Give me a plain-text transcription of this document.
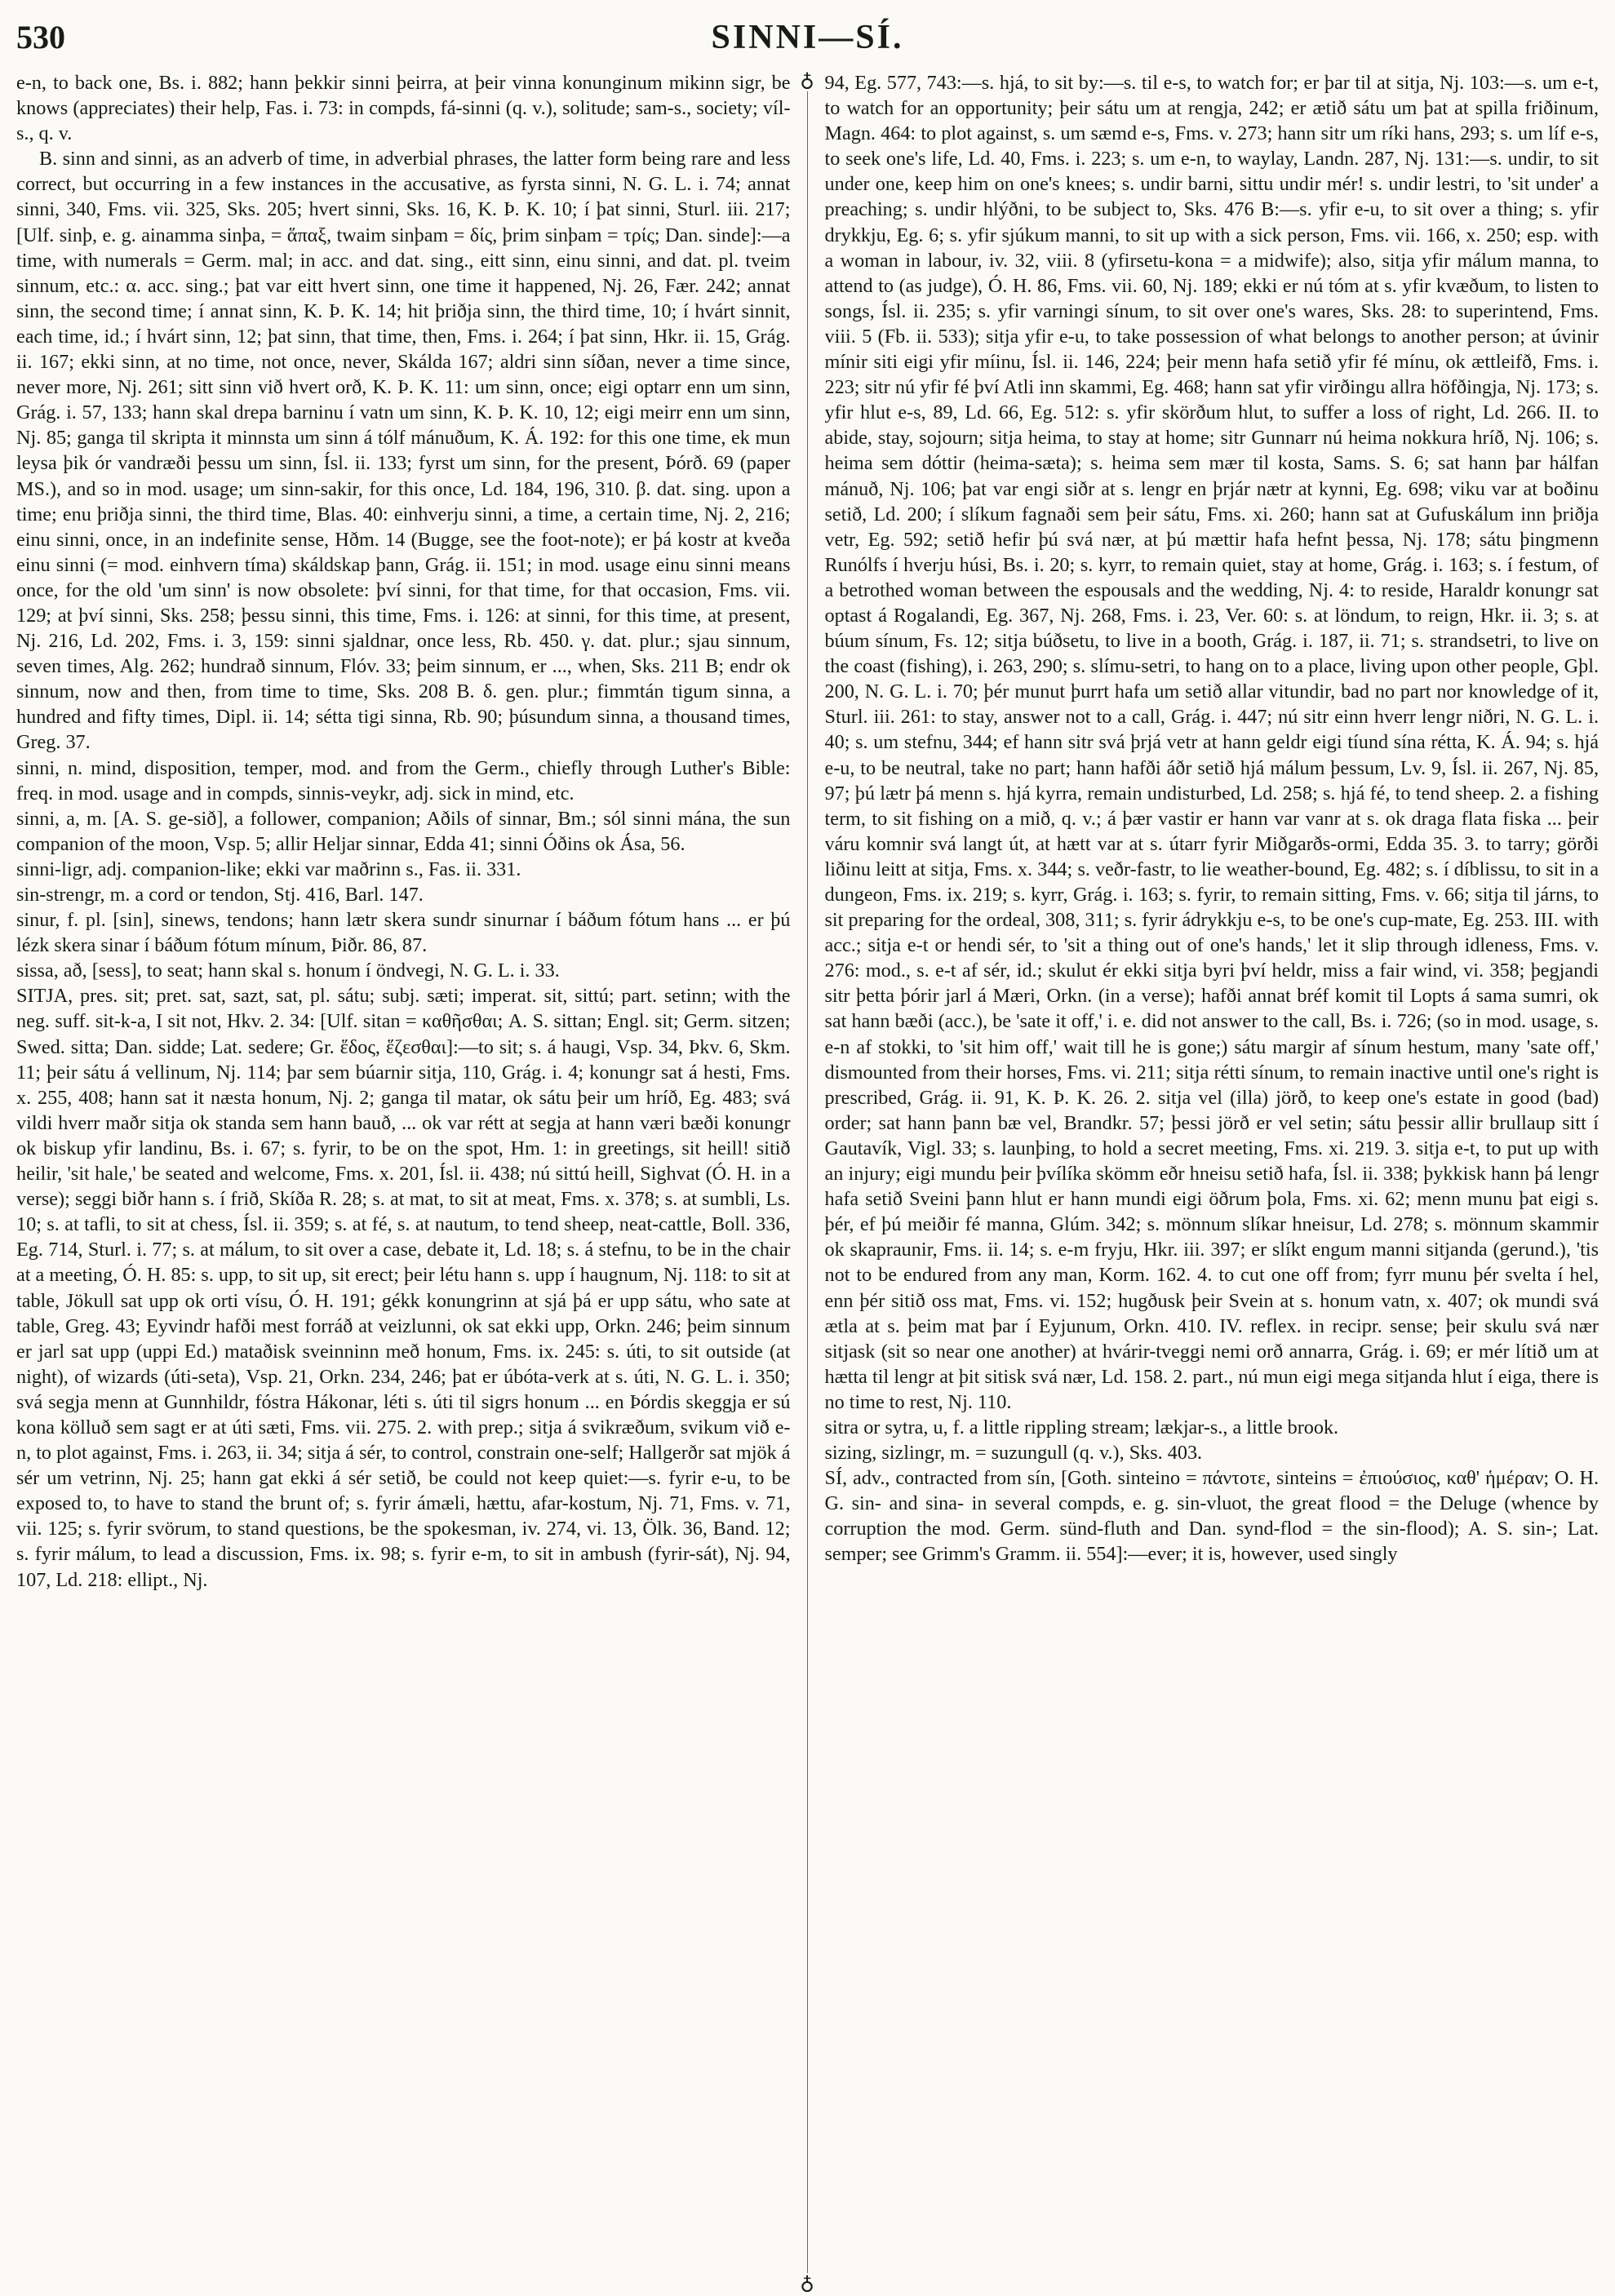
530	SINNI—SÍ.
♁
♁

e-n, to back one, Bs. i. 882; hann þekkir sinni þeirra, at þeir vinna konunginum mikinn sigr, be knows (appreciates) their help, Fas. i. 73: in compds, fá-sinni (q. v.), solitude; sam-s., society; víl-s., q. v.

B. sinn and sinni, as an adverb of time, in adverbial phrases, the latter form being rare and less correct, but occurring in a few instances in the accusative, as fyrsta sinni, N. G. L. i. 74; annat sinni, 340, Fms. vii. 325, Sks. 205; hvert sinni, Sks. 16, K. Þ. K. 10; í þat sinni, Sturl. iii. 217; [Ulf. sinþ, e. g. ainamma sinþa, = ἅπαξ, twaim sinþam = δίς, þrim sinþam = τρίς; Dan. sinde]:—a time, with numerals = Germ. mal; in acc. and dat. sing., eitt sinn, einu sinni, and dat. pl. tveim sinnum, etc.: α. acc. sing.; þat var eitt hvert sinn, one time it happened, Nj. 26, Fær. 242; annat sinn, the second time; í annat sinn, K. Þ. K. 14; hit þriðja sinn, the third time, 10; í hvárt sinnit, each time, id.; í hvárt sinn, 12; þat sinn, that time, then, Fms. i. 264; í þat sinn, Hkr. ii. 15, Grág. ii. 167; ekki sinn, at no time, not once, never, Skálda 167; aldri sinn síðan, never a time since, never more, Nj. 261; sitt sinn við hvert orð, K. Þ. K. 11: um sinn, once; eigi optarr enn um sinn, Grág. i. 57, 133; hann skal drepa barninu í vatn um sinn, K. Þ. K. 10, 12; eigi meirr enn um sinn, Nj. 85; ganga til skripta it minnsta um sinn á tólf mánuðum, K. Á. 192: for this one time, ek mun leysa þik ór vandræði þessu um sinn, Ísl. ii. 133; fyrst um sinn, for the present, Þórð. 69 (paper MS.), and so in mod. usage; um sinn-sakir, for this once, Ld. 184, 196, 310. β. dat. sing. upon a time; enu þriðja sinni, the third time, Blas. 40: einhverju sinni, a time, a certain time, Nj. 2, 216; einu sinni, once, in an indefinite sense, Hðm. 14 (Bugge, see the foot-note); er þá kostr at kveða einu sinni (= mod. einhvern tíma) skáldskap þann, Grág. ii. 151; in mod. usage einu sinni means once, for the old 'um sinn' is now obsolete: því sinni, for that time, for that occasion, Fms. vii. 129; at því sinni, Sks. 258; þessu sinni, this time, Fms. i. 126: at sinni, for this time, at present, Nj. 216, Ld. 202, Fms. i. 3, 159: sinni sjaldnar, once less, Rb. 450. γ. dat. plur.; sjau sinnum, seven times, Alg. 262; hundrað sinnum, Flóv. 33; þeim sinnum, er ..., when, Sks. 211 B; endr ok sinnum, now and then, from time to time, Sks. 208 B. δ. gen. plur.; fimmtán tigum sinna, a hundred and fifty times, Dipl. ii. 14; sétta tigi sinna, Rb. 90; þúsundum sinna, a thousand times, Greg. 37.

sinni, n. mind, disposition, temper, mod. and from the Germ., chiefly through Luther's Bible: freq. in mod. usage and in compds, sinnis-veykr, adj. sick in mind, etc.

sinni, a, m. [A. S. ge-sið], a follower, companion; Aðils of sinnar, Bm.; sól sinni mána, the sun companion of the moon, Vsp. 5; allir Heljar sinnar, Edda 41; sinni Óðins ok Ása, 56.

sinni-ligr, adj. companion-like; ekki var maðrinn s., Fas. ii. 331.

sin-strengr, m. a cord or tendon, Stj. 416, Barl. 147.

sinur, f. pl. [sin], sinews, tendons; hann lætr skera sundr sinurnar í báðum fótum hans ... er þú lézk skera sinar í báðum fótum mínum, Þiðr. 86, 87.

sissa, að, [sess], to seat; hann skal s. honum í öndvegi, N. G. L. i. 33.

SITJA, pres. sit; pret. sat, sazt, sat, pl. sátu; subj. sæti; imperat. sit, sittú; part. setinn; with the neg. suff. sit-k-a, I sit not, Hkv. 2. 34: [Ulf. sitan = καθῆσθαι; A. S. sittan; Engl. sit; Germ. sitzen; Swed. sitta; Dan. sidde; Lat. sedere; Gr. ἕδος, ἕζεσθαι]:—to sit; s. á haugi, Vsp. 34, Þkv. 6, Skm. 11; þeir sátu á vellinum, Nj. 114; þar sem búarnir sitja, 110, Grág. i. 4; konungr sat á hesti, Fms. x. 255, 408; hann sat it næsta honum, Nj. 2; ganga til matar, ok sátu þeir um hríð, Eg. 483; svá vildi hverr maðr sitja ok standa sem hann bauð, ... ok var rétt at segja at hann væri bæði konungr ok biskup yfir landinu, Bs. i. 67; s. fyrir, to be on the spot, Hm. 1: in greetings, sit heill! sitið heilir, 'sit hale,' be seated and welcome, Fms. x. 201, Ísl. ii. 438; nú sittú heill, Sighvat (Ó. H. in a verse); seggi biðr hann s. í frið, Skíða R. 28; s. at mat, to sit at meat, Fms. x. 378; s. at sumbli, Ls. 10; s. at tafli, to sit at chess, Ísl. ii. 359; s. at fé, s. at nautum, to tend sheep, neat-cattle, Boll. 336, Eg. 714, Sturl. i. 77; s. at málum, to sit over a case, debate it, Ld. 18; s. á stefnu, to be in the chair at a meeting, Ó. H. 85: s. upp, to sit up, sit erect; þeir létu hann s. upp í haugnum, Nj. 118: to sit at table, Jökull sat upp ok orti vísu, Ó. H. 191; gékk konungrinn at sjá þá er upp sátu, who sate at table, Greg. 43; Eyvindr hafði mest forráð at veizlunni, ok sat ekki upp, Orkn. 246; þeim sinnum er jarl sat upp (uppi Ed.) mataðisk sveinninn með honum, Fms. ix. 245: s. úti, to sit outside (at night), of wizards (úti-seta), Vsp. 21, Orkn. 234, 246; þat er úbóta-verk at s. úti, N. G. L. i. 350; svá segja menn at Gunnhildr, fóstra Hákonar, léti s. úti til sigrs honum ... en Þórdis skeggja er sú kona kölluð sem sagt er at úti sæti, Fms. vii. 275. 2. with prep.; sitja á svikræðum, svikum við e-n, to plot against, Fms. i. 263, ii. 34; sitja á sér, to control, constrain one-self; Hallgerðr sat mjök á sér um vetrinn, Nj. 25; hann gat ekki á sér setið, be could not keep quiet:—s. fyrir e-u, to be exposed to, to have to stand the brunt of; s. fyrir ámæli, hættu, afar-kostum, Nj. 71, Fms. v. 71, vii. 125; s. fyrir svörum, to stand questions, be the spokesman, iv. 274, vi. 13, Ölk. 36, Band. 12; s. fyrir málum, to lead a discussion, Fms. ix. 98; s. fyrir e-m, to sit in ambush (fyrir-sát), Nj. 94, 107, Ld. 218: ellipt., Nj.

94, Eg. 577, 743:—s. hjá, to sit by:—s. til e-s, to watch for; er þar til at sitja, Nj. 103:—s. um e-t, to watch for an opportunity; þeir sátu um at rengja, 242; er ætið sátu um þat at spilla friðinum, Magn. 464: to plot against, s. um sæmd e-s, Fms. v. 273; hann sitr um ríki hans, 293; s. um líf e-s, to seek one's life, Ld. 40, Fms. i. 223; s. um e-n, to waylay, Landn. 287, Nj. 131:—s. undir, to sit under one, keep him on one's knees; s. undir barni, sittu undir mér! s. undir lestri, to 'sit under' a preaching; s. undir hlýðni, to be subject to, Sks. 476 B:—s. yfir e-u, to sit over a thing; s. yfir drykkju, Eg. 6; s. yfir sjúkum manni, to sit up with a sick person, Fms. vii. 166, x. 250; esp. with a woman in labour, iv. 32, viii. 8 (yfirsetu-kona = a midwife); also, sitja yfir málum manna, to attend to (as judge), Ó. H. 86, Fms. vii. 60, Nj. 189; ekki er nú tóm at s. yfir kvæðum, to listen to songs, Ísl. ii. 235; s. yfir varningi sínum, to sit over one's wares, Sks. 28: to superintend, Fms. viii. 5 (Fb. ii. 533); sitja yfir e-u, to take possession of what belongs to another person; at úvinir mínir siti eigi yfir míinu, Ísl. ii. 146, 224; þeir menn hafa setið yfir fé mínu, ok ættleifð, Fms. i. 223; sitr nú yfir fé því Atli inn skammi, Eg. 468; hann sat yfir virðingu allra höfðingja, Nj. 173; s. yfir hlut e-s, 89, Ld. 66, Eg. 512: s. yfir skörðum hlut, to suffer a loss of right, Ld. 266. II. to abide, stay, sojourn; sitja heima, to stay at home; sitr Gunnarr nú heima nokkura hríð, Nj. 106; s. heima sem dóttir (heima-sæta); s. heima sem mær til kosta, Sams. S. 6; sat hann þar hálfan mánuð, Nj. 106; þat var engi siðr at s. lengr en þrjár nætr at kynni, Eg. 698; viku var at boðinu setið, Ld. 200; í slíkum fagnaði sem þeir sátu, Fms. xi. 260; hann sat at Gufuskálum inn þriðja vetr, Eg. 592; setið hefir þú svá nær, at þú mættir hafa hefnt þessa, Nj. 178; sátu þingmenn Runólfs í hverju húsi, Bs. i. 20; s. kyrr, to remain quiet, stay at home, Grág. i. 163; s. í festum, of a betrothed woman between the espousals and the wedding, Nj. 4: to reside, Haraldr konungr sat optast á Rogalandi, Eg. 367, Nj. 268, Fms. i. 23, Ver. 60: s. at löndum, to reign, Hkr. ii. 3; s. at búum sínum, Fs. 12; sitja búðsetu, to live in a booth, Grág. i. 187, ii. 71; s. strandsetri, to live on the coast (fishing), i. 263, 290; s. slímu-setri, to hang on to a place, living upon other people, Gþl. 200, N. G. L. i. 70; þér munut þurrt hafa um setið allar vitundir, bad no part nor knowledge of it, Sturl. iii. 261: to stay, answer not to a call, Grág. i. 447; nú sitr einn hverr lengr niðri, N. G. L. i. 40; s. um stefnu, 344; ef hann sitr svá þrjá vetr at hann geldr eigi tíund sína rétta, K. Á. 94; s. hjá e-u, to be neutral, take no part; hann hafði áðr setið hjá málum þessum, Lv. 9, Ísl. ii. 267, Nj. 85, 97; þú lætr þá menn s. hjá kyrra, remain undisturbed, Ld. 258; s. hjá fé, to tend sheep. 2. a fishing term, to sit fishing on a mið, q. v.; á þær vastir er hann var vanr at s. ok draga flata fiska ... þeir váru komnir svá langt út, at hætt var at s. útarr fyrir Miðgarðs-ormi, Edda 35. 3. to tarry; görði liðinu leitt at sitja, Fms. x. 344; s. veðr-fastr, to lie weather-bound, Eg. 482; s. í díblissu, to sit in a dungeon, Fms. ix. 219; s. kyrr, Grág. i. 163; s. fyrir, to remain sitting, Fms. v. 66; sitja til járns, to sit preparing for the ordeal, 308, 311; s. fyrir ádrykkju e-s, to be one's cup-mate, Eg. 253. III. with acc.; sitja e-t or hendi sér, to 'sit a thing out of one's hands,' let it slip through idleness, Fms. v. 276: mod., s. e-t af sér, id.; skulut ér ekki sitja byri því heldr, miss a fair wind, vi. 358; þegjandi sitr þetta þórir jarl á Mæri, Orkn. (in a verse); hafði annat bréf komit til Lopts á sama sumri, ok sat hann bæði (acc.), be 'sate it off,' i. e. did not answer to the call, Bs. i. 726; (so in mod. usage, s. e-n af stokki, to 'sit him off,' wait till he is gone;) sátu margir af sínum hestum, many 'sate off,' dismounted from their horses, Fms. vi. 211; sitja rétti sínum, to remain inactive until one's right is prescribed, Grág. ii. 91, K. Þ. K. 26. 2. sitja vel (illa) jörð, to keep one's estate in good (bad) order; sat hann þann bæ vel, Brandkr. 57; þessi jörð er vel setin; sátu þessir allir brullaup sitt í Gautavík, Vigl. 33; s. launþing, to hold a secret meeting, Fms. xi. 219. 3. sitja e-t, to put up with an injury; eigi mundu þeir þvílíka skömm eðr hneisu setið hafa, Ísl. ii. 338; þykkisk hann þá lengr hafa setið Sveini þann hlut er hann mundi eigi öðrum þola, Fms. xi. 62; menn munu þat eigi s. þér, ef þú meiðir fé manna, Glúm. 342; s. mönnum slíkar hneisur, Ld. 278; s. mönnum skammir ok skapraunir, Fms. ii. 14; s. e-m fryju, Hkr. iii. 397; er slíkt engum manni sitjanda (gerund.), 'tis not to be endured from any man, Korm. 162. 4. to cut one off from; fyrr munu þér svelta í hel, enn þér sitið oss mat, Fms. vi. 152; hugðusk þeir Svein at s. honum vatn, x. 407; ok mundi svá ætla at s. þeim mat þar í Eyjunum, Orkn. 410. IV. reflex. in recipr. sense; þeir skulu svá nær sitjask (sit so near one another) at hvárir-tveggi nemi orð annarra, Grág. i. 69; er mér lítið um at hætta til lengr at þit sitisk svá nær, Ld. 158. 2. part., nú mun eigi mega sitjanda hlut í eiga, there is no time to rest, Nj. 110.

sitra or sytra, u, f. a little rippling stream; lækjar-s., a little brook.

sizing, sizlingr, m. = suzungull (q. v.), Sks. 403.

SÍ, adv., contracted from sín, [Goth. sinteino = πάντοτε, sinteins = ἐπιούσιος, καθ' ἡμέραν; O. H. G. sin- and sina- in several compds, e. g. sin-vluot, the great flood = the Deluge (whence by corruption the mod. Germ. sünd-fluth and Dan. synd-flod = the sin-flood); A. S. sin-; Lat. semper; see Grimm's Gramm. ii. 554]:—ever; it is, however, used singly
